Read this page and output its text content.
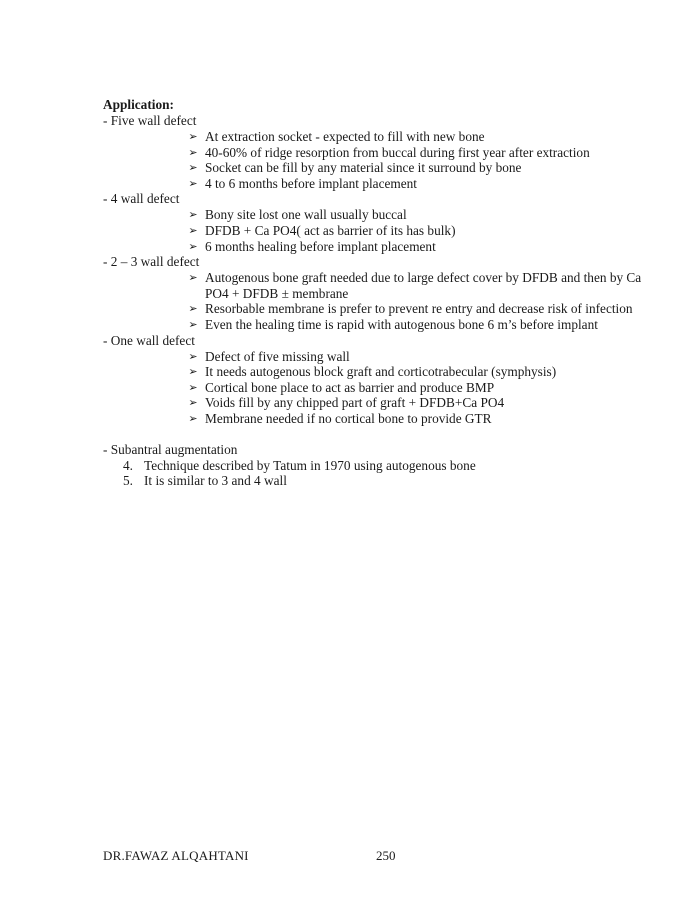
Application:
- Five wall defect
➢ At extraction socket - expected to fill with new bone
➢ 40-60% of ridge resorption from buccal during first year after extraction
➢ Socket can be fill by any material since it surround by bone
➢ 4 to 6 months before implant placement
- 4 wall defect
➢ Bony site lost one wall usually buccal
➢ DFDB + Ca PO4( act as barrier of its has bulk)
➢ 6 months healing before implant placement
- 2 – 3 wall defect
➢ Autogenous bone graft needed due to large defect cover by DFDB and then by Ca PO4 + DFDB ± membrane
➢ Resorbable membrane is prefer to prevent re entry and decrease risk of infection
➢ Even the healing time is rapid with autogenous bone 6 m’s before implant
- One wall defect
➢ Defect of five missing wall
➢ It needs autogenous block graft and corticotrabecular (symphysis)
➢ Cortical bone place to act as barrier and produce BMP
➢ Voids fill by any chipped part of graft + DFDB+Ca PO4
➢ Membrane needed if no cortical bone to provide GTR
- Subantral augmentation
4. Technique described by Tatum in 1970 using autogenous bone
5. It is similar to 3 and 4 wall
DR.FAWAZ ALQAHTANI	250
